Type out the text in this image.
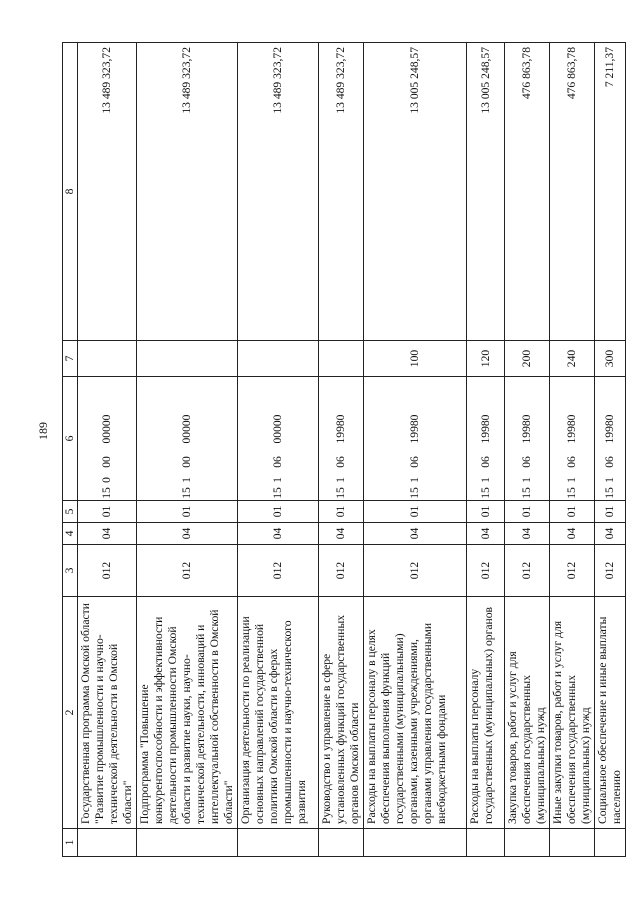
189
1	2	3	4	5	6	7	8
	Государственная программа Омской области "Развитие промышленности и научно-технической деятельности в Омской области"	012	04	01	1500000000		13 489 323,72
	Подпрограмма "Повышение конкурентоспособности и эффективности деятельности промышленности Омской области и развитие науки, научно-технической деятельности, инноваций и интеллектуальной собственности в Омской области"	012	04	01	1510000000		13 489 323,72
	Организация деятельности по реализации основных направлений государственной политики Омской области в сферах промышленности и научно-технического развития	012	04	01	1510600000		13 489 323,72
	Руководство и управление в сфере установленных функций государственных органов Омской области	012	04	01	1510619980		13 489 323,72
	Расходы на выплаты персоналу в целях обеспечения выполнения функций государственными (муниципальными) органами, казенными учреждениями, органами управления государственными внебюджетными фондами	012	04	01	1510619980	100	13 005 248,57
	Расходы на выплаты персоналу государственных (муниципальных) органов	012	04	01	1510619980	120	13 005 248,57
	Закупка товаров, работ и услуг для обеспечения государственных (муниципальных) нужд	012	04	01	1510619980	200	476 863,78
	Иные закупки товаров, работ и услуг для обеспечения государственных (муниципальных) нужд	012	04	01	1510619980	240	476 863,78
	Социальное обеспечение и иные выплаты населению	012	04	01	1510619980	300	7 211,37
